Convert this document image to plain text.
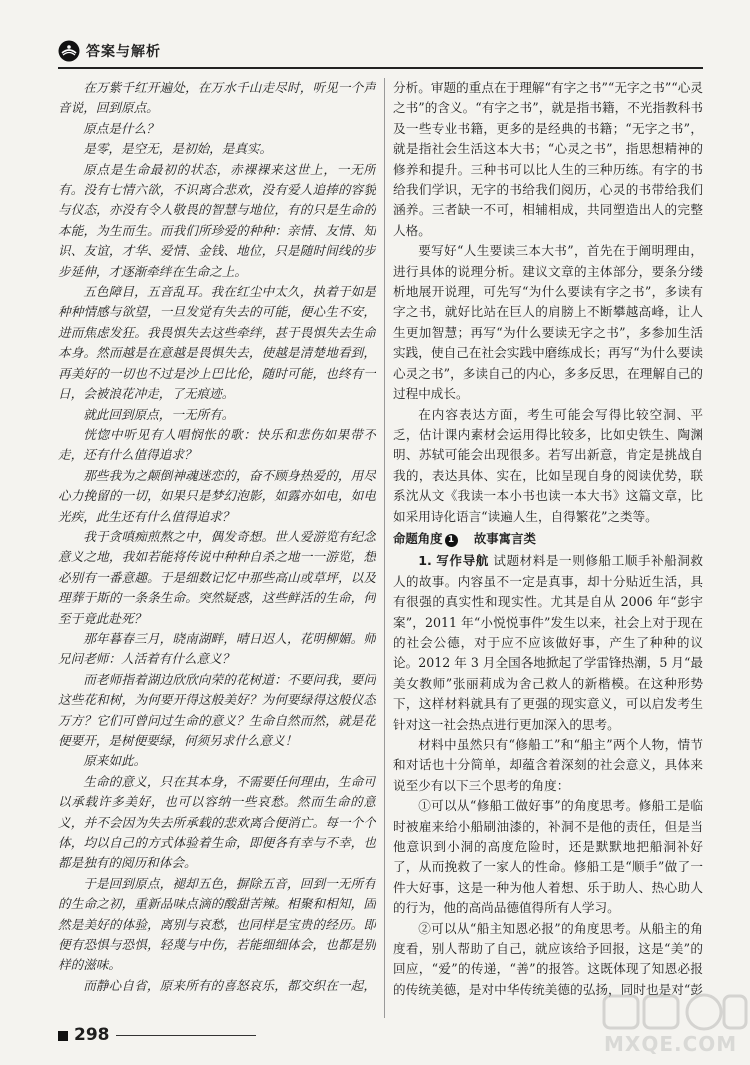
答案与解析

在万紫千红开遍处，在万水千山走尽时，听见一个声音说，回到原点。

原点是什么？

是零，是空无，是初始，是真实。

原点是生命最初的状态，赤裸裸来这世上，一无所有。没有七情六欲，不识离合悲欢，没有爱人追捧的容貌与仪态，亦没有令人敬畏的智慧与地位，有的只是生命的本能，为生而生。而我们所珍爱的种种：亲情、友情、知识、友谊，才华、爱情、金钱、地位，只是随时间线的步步延伸，才逐渐牵绊在生命之上。

五色障目，五音乱耳。我在红尘中太久，执着于如是种种情感与欲望，一旦发觉有失去的可能，便心生不安，进而焦虑发狂。我畏惧失去这些牵绊，甚于畏惧失去生命本身。然而越是在意越是畏惧失去，使越是清楚地看到，再美好的一切也不过是沙上巴比伦，随时可能，也终有一日，会被浪花冲走，了无痕迹。

就此回到原点，一无所有。

恍惚中听见有人唱悯怅的歌：快乐和悲伤如果带不走，还有什么值得追求？

那些我为之颠倒神魂迷恋的，奋不顾身热爱的，用尽心力挽留的一切，如果只是梦幻泡影，如露亦如电，如电光疾，此生还有什么值得追求？

我于贪嗔痴煎熬之中，偶发奇想。世人爱游览有纪念意义之地，我如若能将传说中种种自杀之地一一游览，想必别有一番意趣。于是细数记忆中那些高山或草坪，以及理葬于斯的一条条生命。突然疑惑，这些鲜活的生命，何至于竟此赴死？

那年暮春三月，晓南湖畔，晴日迟人，花明柳媚。师兄问老师：人活着有什么意义？

而老师指着湖边欣欣向荣的花树道：不要问我，要问这些花和树，为何要开得这般美好？为何要绿得这般仪态万方？它们可曾问过生命的意义？生命自然而然，就是花便要开，是树便要绿，何须另求什么意义！

原来如此。

生命的意义，只在其本身，不需要任何理由，生命可以承载许多美好，也可以容纳一些哀愁。然而生命的意义，并不会因为失去所承载的悲欢离合便消亡。每一个个体，均以自己的方式体验着生命，即便各有幸与不幸，也都是独有的阅历和体会。

于是回到原点，褪却五色，摒除五音，回到一无所有的生命之初，重新品味点滴的酸甜苦辣。相聚和相知，固然是美好的体验，离别与哀愁，也同样是宝贵的经历。即便有恐惧与恐惧，轻蔑与中伤，若能细细体会，也都是别样的滋味。

而静心自省，原来所有的喜怒哀乐，都交织在一起，

分析。审题的重点在于理解“有字之书”“无字之书”“心灵之书”的含义。“有字之书”，就是指书籍，不光指教科书及一些专业书籍，更多的是经典的书籍；“无字之书”，就是指社会生活这本大书；“心灵之书”，指思想精神的修养和提升。三种书可以比人生的三种历练。有字的书给我们学识，无字的书给我们阅历，心灵的书带给我们涵养。三者缺一不可，相辅相成，共同塑造出人的完整人格。

要写好“人生要读三本大书”，首先在于阐明理由，进行具体的说理分析。建议文章的主体部分，要条分缕析地展开说理，可先写“为什么要读有字之书”，多读有字之书，就好比站在巨人的肩膀上不断攀越高峰，让人生更加智慧；再写“为什么要读无字之书”，多参加生活实践，使自己在社会实践中磨练成长；再写“为什么要读心灵之书”，多读自己的内心，多多反思，在理解自己的过程中成长。

在内容表达方面，考生可能会写得比较空洞、平乏，估计课内素材会运用得比较多，比如史铁生、陶渊明、苏轼可能会出现很多。若写出新意，肯定是挑战自我的，表达具体、实在，比如呈现自身的阅读优势，联系沈从文《我读一本小书也读一本大书》这篇文章，比如采用诗化语言“读遍人生，自得繁花”之类等。

命题角度 1 故事寓言类

1. 写作导航 试题材料是一则修船工顺手补船洞救人的故事。内容虽不一定是真事，却十分贴近生活，具有很强的真实性和现实性。尤其是自从 2006 年“彭宇案”，2011 年“小悦悦事件”发生以来，社会上对于现在的社会公德，对于应不应该做好事，产生了种种的议论。2012 年 3 月全国各地掀起了学雷锋热潮，5 月“最美女教师”张丽莉成为舍己救人的新楷模。在这种形势下，这样材料就具有了更强的现实意义，可以启发考生针对这一社会热点进行更加深入的思考。

材料中虽然只有“修船工”和“船主”两个人物，情节和对话也十分简单，却蕴含着深刻的社会意义，具体来说至少有以下三个思考的角度：

①可以从“修船工做好事”的角度思考。修船工是临时被雇来给小船刷油漆的，补洞不是他的责任，但是当他意识到小洞的高度危险时，还是默默地把船洞补好了，从而挽救了一家人的性命。修船工是“顺手”做了一件大好事，这是一种为他人着想、乐于助人、热心助人的行为，他的高尚品德值得所有人学习。

②可以从“船主知恩必报”的角度思考。从船主的角度看，别人帮助了自己，就应该给予回报，这是“美”的回应，“爱”的传递，“善”的报答。这既体现了知恩必报的传统美德，是对中华传统美德的弘扬，同时也是对“彭

298	MXQE.COM
